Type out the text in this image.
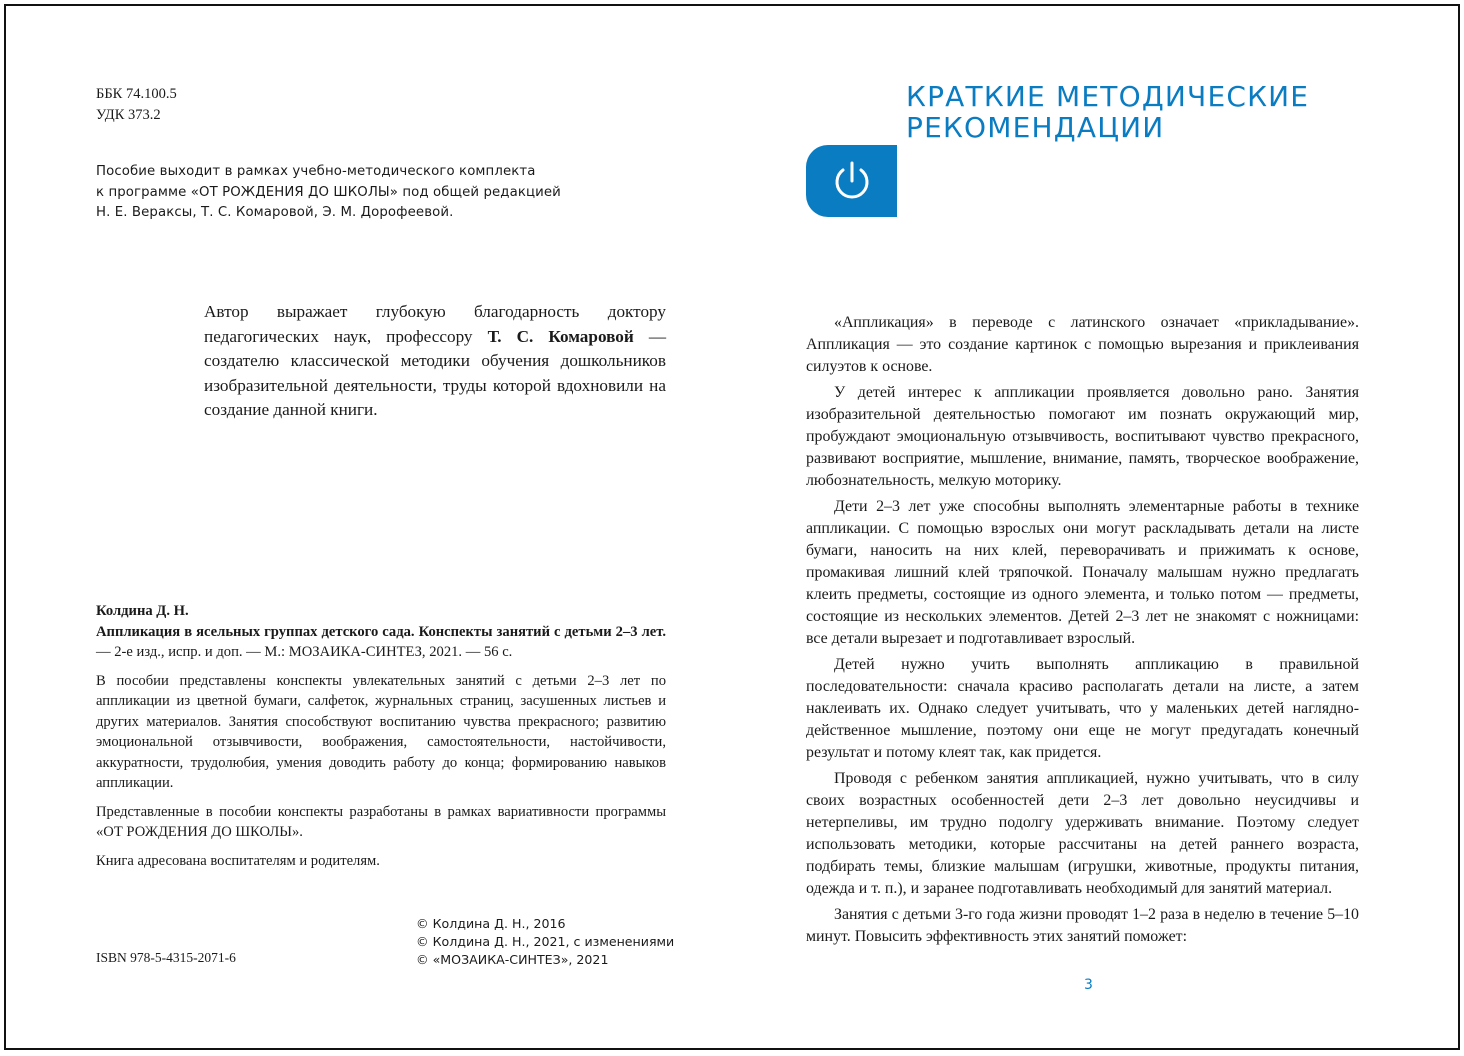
ББК 74.100.5
УДК 373.2
Пособие выходит в рамках учебно-методического комплекта
к программе «ОТ РОЖДЕНИЯ ДО ШКОЛЫ» под общей редакцией
Н. Е. Вераксы, Т. С. Комаровой, Э. М. Дорофеевой.
Автор выражает глубокую благодарность доктору педагогических наук, профессору Т. С. Комаровой — создателю классической методики обучения дошкольников изобразительной деятельности, труды которой вдохновили на создание данной книги.

Колдина Д. Н.

Аппликация в ясельных группах детского сада. Конспекты занятий с детьми 2–3 лет. — 2-е изд., испр. и доп. — М.: МОЗАИКА-СИНТЕЗ, 2021. — 56 с.

В пособии представлены конспекты увлекательных занятий с детьми 2–3 лет по аппликации из цветной бумаги, салфеток, журнальных страниц, засушенных листьев и других материалов. Занятия способствуют воспитанию чувства прекрасного; развитию эмоциональной отзывчивости, воображения, самостоятельности, настойчивости, аккуратности, трудолюбия, умения доводить работу до конца; формированию навыков аппликации.

Представленные в пособии конспекты разработаны в рамках вариативности программы «ОТ РОЖДЕНИЯ ДО ШКОЛЫ».

Книга адресована воспитателям и родителям.

ISBN 978-5-4315-2071-6
© Колдина Д. Н., 2016
© Колдина Д. Н., 2021, с изменениями
© «МОЗАИКА-СИНТЕЗ», 2021
КРАТКИЕ МЕТОДИЧЕСКИЕ
РЕКОМЕНДАЦИИ

«Аппликация» в переводе с латинского означает «прикладывание». Аппликация — это создание картинок с помощью вырезания и приклеивания силуэтов к основе.

У детей интерес к аппликации проявляется довольно рано. Занятия изобразительной деятельностью помогают им познать окружающий мир, пробуждают эмоциональную отзывчивость, воспитывают чувство прекрасного, развивают восприятие, мышление, внимание, память, творческое воображение, любознательность, мелкую моторику.

Дети 2–3 лет уже способны выполнять элементарные работы в технике аппликации. С помощью взрослых они могут раскладывать детали на листе бумаги, наносить на них клей, переворачивать и прижимать к основе, промакивая лишний клей тряпочкой. Поначалу малышам нужно предлагать клеить предметы, состоящие из одного элемента, и только потом — предметы, состоящие из нескольких элементов. Детей 2–3 лет не знакомят с ножницами: все детали вырезает и подготавливает взрослый.

Детей нужно учить выполнять аппликацию в правильной последовательности: сначала красиво располагать детали на листе, а затем наклеивать их. Однако следует учитывать, что у маленьких детей наглядно-действенное мышление, поэтому они еще не могут предугадать конечный результат и потому клеят так, как придется.

Проводя с ребенком занятия аппликацией, нужно учитывать, что в силу своих возрастных особенностей дети 2–3 лет довольно неусидчивы и нетерпеливы, им трудно подолгу удерживать внимание. Поэтому следует использовать методики, которые рассчитаны на детей раннего возраста, подбирать темы, близкие малышам (игрушки, животные, продукты питания, одежда и т. п.), и заранее подготавливать необходимый для занятий материал.

Занятия с детьми 3-го года жизни проводят 1–2 раза в неделю в течение 5–10 минут. Повысить эффективность этих занятий поможет:

3
